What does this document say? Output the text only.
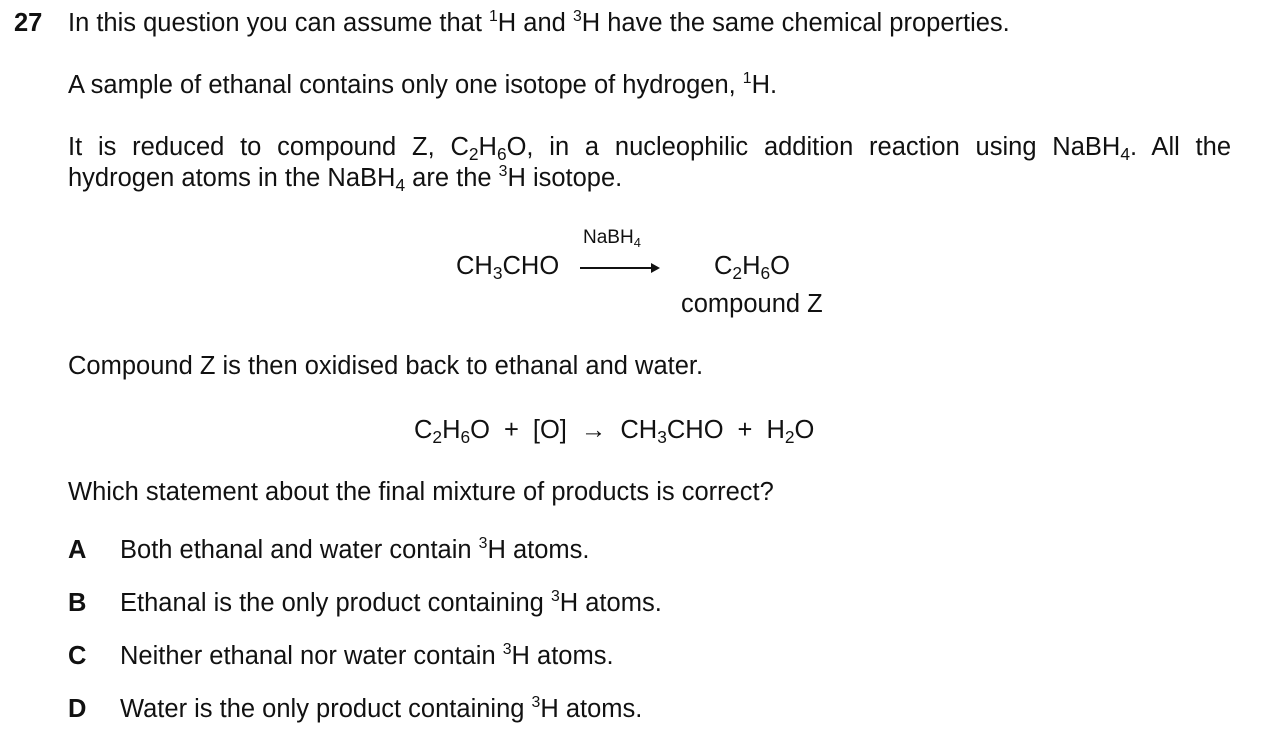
27 In this question you can assume that $^1$H and $^3$H have the same chemical properties.
A sample of ethanal contains only one isotope of hydrogen, $^1$H.
It is reduced to compound Z, C2H6O, in a nucleophilic addition reaction using NaBH4. All the
hydrogen atoms in the NaBH4 are the $^3$H isotope.
NaBH4
CH3CHO	C2H6O
compound Z
Compound Z is then oxidised back to ethanal and water.
C2H6O + [O] → CH3CHO + H2O
Which statement about the final mixture of products is correct?
A Both ethanal and water contain $^3$H atoms.
B Ethanal is the only product containing $^3$H atoms.
C Neither ethanal nor water contain $^3$H atoms.
D Water is the only product containing $^3$H atoms.
